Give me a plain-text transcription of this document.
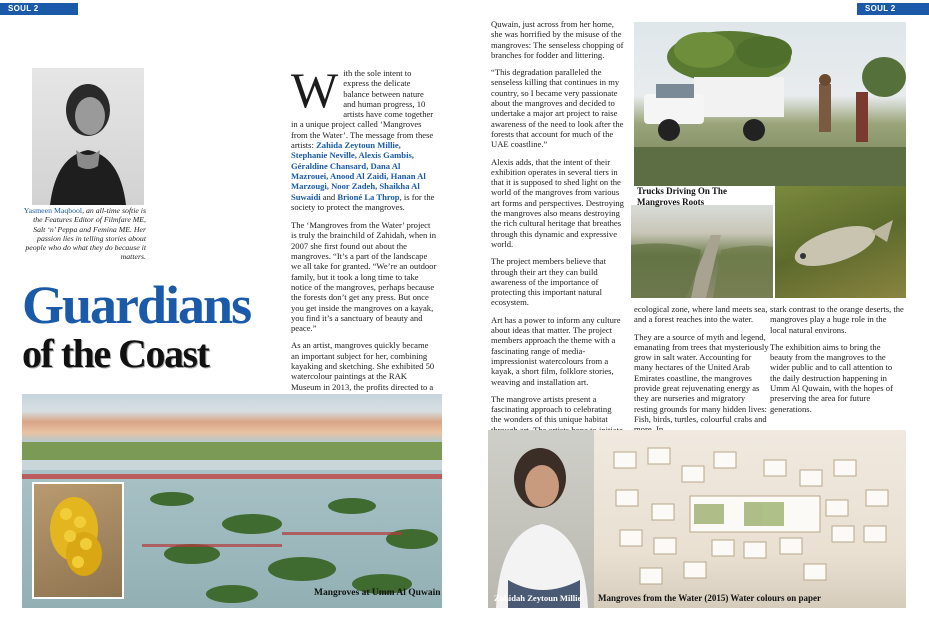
SOUL 2	SOUL 2
Yasmeen Maqbool, an all-time softie is the Features Editor of Filmfare ME, Salt ‘n’ Peppa and Femina ME. Her passion lies in telling stories about people who do what they do because it matters.
Guardians
of the Coast

With the sole intent to express the delicate balance between nature and human progress, 10 artists have come together in a unique project called ‘Mangroves from the Water’. The message from these artists: Zahida Zeytoun Millie, Stephanie Neville, Alexis Gambis, Géraldine Chansard, Dana Al Mazrouei, Anood Al Zaidi, Hanan Al Marzougi, Noor Zadeh, Shaikha Al Suwaidi and Brioné La Throp, is for the society to protect the mangroves.

The ‘Mangroves from the Water’ project is truly the brainchild of Zahidah, when in 2007 she first found out about the mangroves. “It’s a part of the landscape we all take for granted. “We’re an outdoor family, but it took a long time to take notice of the mangroves, perhaps because the forests don’t get any press. But once you get inside the mangroves on a kayak, you find it’s a sanctuary of beauty and peace.”

As an artist, mangroves quickly became an important subject for her, combining kayaking and sketching. She exhibited 50 watercolour paintings at the RAK Museum in 2013, the profits directed to a

Quwain, just across from her home, she was horrified by the misuse of the mangroves: The senseless chopping of branches for fodder and littering.

“This degradation paralleled the senseless killing that continues in my country, so I became very passionate about the mangroves and decided to undertake a major art project to raise awareness of the need to look after the forests that account for much of the UAE coastline.”

Alexis adds, that the intent of their exhibition operates in several tiers in that it is supposed to shed light on the world of the mangroves from various art forms and perspectives. Destroying the mangroves also means destroying the rich cultural heritage that breathes through this dynamic and expressive world.

The project members believe that through their art they can build awareness of the importance of protecting this important natural ecosystem.

Art has a power to inform any culture about ideas that matter. The project members approach the theme with a fascinating range of media- impressionist watercolours from a kayak, a short film, folklore stories, weaving and installation art.

The mangrove artists present a fascinating approach to celebrating the wonders of this unique habitat

Trucks Driving On The Mangroves Roots

ecological zone, where land meets sea, and a forest reaches into the water.

They are a source of myth and legend, emanating from trees that mysteriously grow in salt water. Accounting for many hectares of the United Arab Emirates coastline, the mangroves provide great rejuvenating energy as they are nurseries and migratory resting grounds for many hidden lives: Fish, birds, turtles, colourful crabs and

stark contrast to the orange deserts, the mangroves play a huge role in the local natural environs.

The exhibition aims to bring the beauty from the mangroves to the wider public and to call attention to the daily destruction happening in Umm Al Quwain, with the hopes of preserving the area for future generations.

Mangroves at Umm Al Quwain	Zahidah Zeytoun Millie Mangroves from the Water (2015) Water colours on paper
